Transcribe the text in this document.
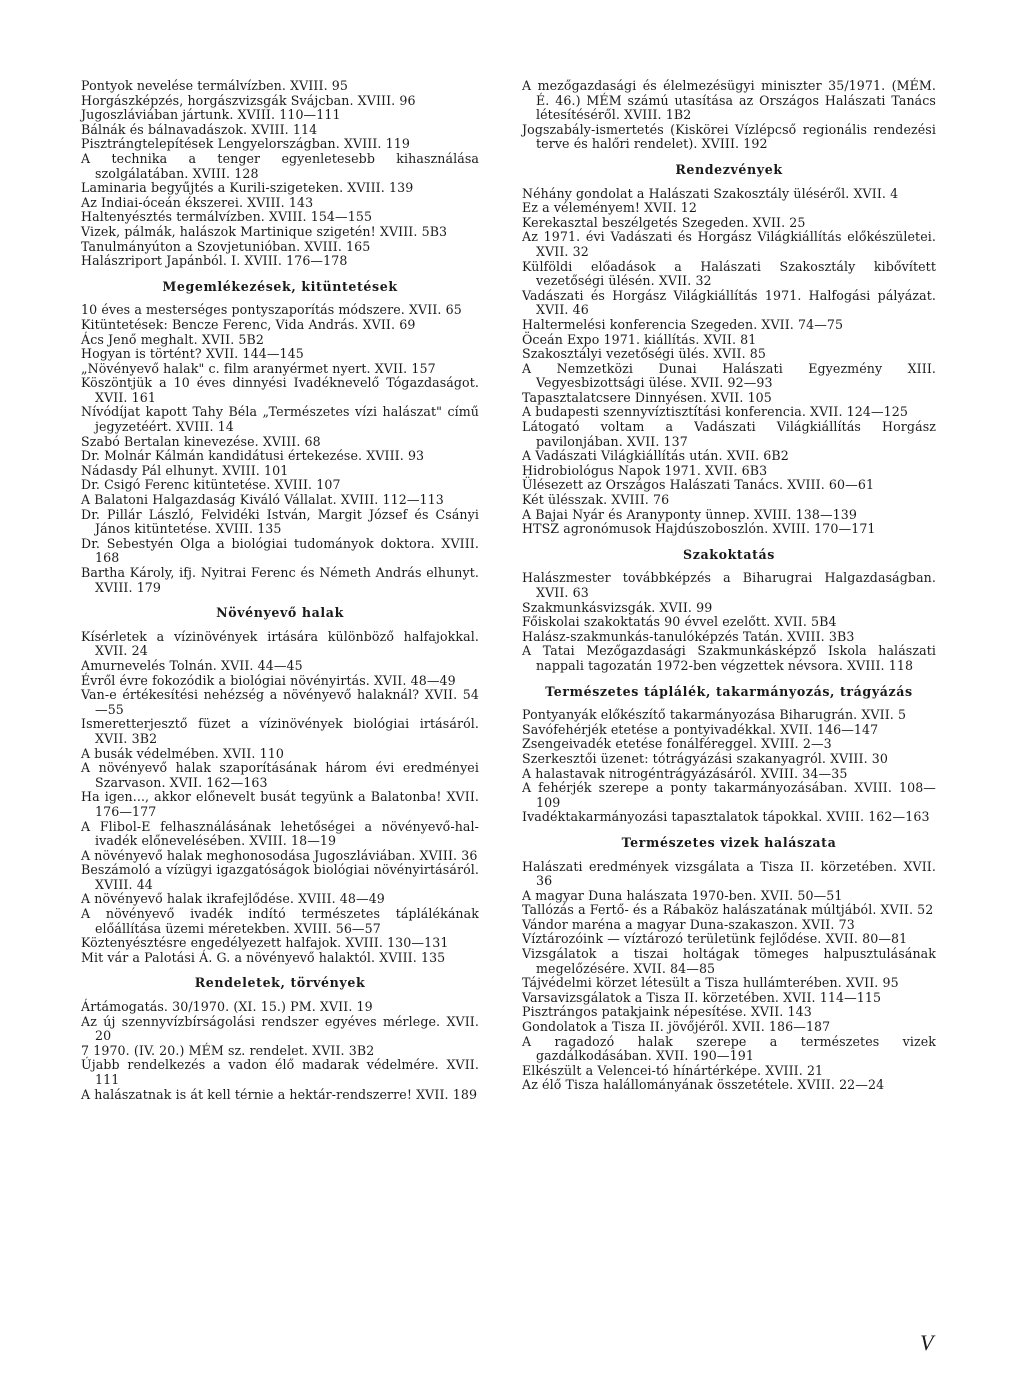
Pontyok nevelése termálvízben. XVIII. 95

Horgászképzés, horgászvizsgák Svájcban. XVIII. 96

Jugoszláviában jártunk. XVIII. 110—111

Bálnák és bálnavadászok. XVIII. 114

Pisztrángtelepítések Lengyelországban. XVIII. 119

A technika a tenger egyenletesebb kihasználása szolgálatában. XVIII. 128

Laminaria begyűjtés a Kurili-szigeteken. XVIII. 139

Az Indiai-óceán ékszerei. XVIII. 143

Haltenyésztés termálvízben. XVIII. 154—155

Vizek, pálmák, halászok Martinique szigetén! XVIII. 5B3

Tanulmányúton a Szovjetunióban. XVIII. 165

Halászriport Japánból. I. XVIII. 176—178

Megemlékezések, kitüntetések

10 éves a mesterséges pontyszaporítás módszere. XVII. 65

Kitüntetések: Bencze Ferenc, Vida András. XVII. 69

Ács Jenő meghalt. XVII. 5B2

Hogyan is történt? XVII. 144—145

„Növényevő halak" c. film aranyérmet nyert. XVII. 157

Köszöntjük a 10 éves dinnyési Ivadéknevelő Tógazdaságot. XVII. 161

Nívódíjat kapott Tahy Béla „Természetes vízi halászat" című jegyzetéért. XVIII. 14

Szabó Bertalan kinevezése. XVIII. 68

Dr. Molnár Kálmán kandidátusi értekezése. XVIII. 93

Nádasdy Pál elhunyt. XVIII. 101

Dr. Csigó Ferenc kitüntetése. XVIII. 107

A Balatoni Halgazdaság Kiváló Vállalat. XVIII. 112—113

Dr. Pillár László, Felvidéki István, Margit József és Csányi János kitüntetése. XVIII. 135

Dr. Sebestyén Olga a biológiai tudományok doktora. XVIII. 168

Bartha Károly, ifj. Nyitrai Ferenc és Németh András elhunyt. XVIII. 179

Növényevő halak

Kísérletek a vízinövények irtására különböző halfajokkal. XVII. 24

Amurnevelés Tolnán. XVII. 44—45

Évről évre fokozódik a biológiai növényirtás. XVII. 48—49

Van-e értékesítési nehézség a növényevő halaknál? XVII. 54—55

Ismeretterjesztő füzet a vízinövények biológiai irtásáról. XVII. 3B2

A busák védelmében. XVII. 110

A növényevő halak szaporításának három évi eredményei Szarvason. XVII. 162—163

Ha igen..., akkor előnevelt busát tegyünk a Balatonba! XVII. 176—177

A Flibol-E felhasználásának lehetőségei a növényevő-hal-ivadék előnevelésében. XVIII. 18—19

A növényevő halak meghonosodása Jugoszláviában. XVIII. 36

Beszámoló a vízügyi igazgatóságok biológiai növényirtásáról. XVIII. 44

A növényevő halak ikrafejlődése. XVIII. 48—49

A növényevő ivadék indító természetes táplálékának előállítása üzemi méretekben. XVIII. 56—57

Köztenyésztésre engedélyezett halfajok. XVIII. 130—131

Mit vár a Palotási Á. G. a növényevő halaktól. XVIII. 135

Rendeletek, törvények

Ártámogatás. 30/1970. (XI. 15.) PM. XVII. 19

Az új szennyvízbírságolási rendszer egyéves mérlege. XVII. 20

7 1970. (IV. 20.) MÉM sz. rendelet. XVII. 3B2

Újabb rendelkezés a vadon élő madarak védelmére. XVII. 111

A halászatnak is át kell térnie a hektár-rendszerre! XVII. 189

A mezőgazdasági és élelmezésügyi miniszter 35/1971. (MÉM. É. 46.) MÉM számú utasítása az Országos Halászati Tanács létesítéséről. XVIII. 1B2

Jogszabály-ismertetés (Kiskörei Vízlépcső regionális rendezési terve és halőri rendelet). XVIII. 192

Rendezvények

Néhány gondolat a Halászati Szakosztály üléséről. XVII. 4

Ez a véleményem! XVII. 12

Kerekasztal beszélgetés Szegeden. XVII. 25

Az 1971. évi Vadászati és Horgász Világkiállítás előkészületei. XVII. 32

Külföldi előadások a Halászati Szakosztály kibővített vezetőségi ülésén. XVII. 32

Vadászati és Horgász Világkiállítás 1971. Halfogási pályázat. XVII. 46

Haltermelési konferencia Szegeden. XVII. 74—75

Öceán Expo 1971. kiállítás. XVII. 81

Szakosztályi vezetőségi ülés. XVII. 85

A Nemzetközi Dunai Halászati Egyezmény XIII. Vegyesbizottsági ülése. XVII. 92—93

Tapasztalatcsere Dinnyésen. XVII. 105

A budapesti szennyvíztisztítási konferencia. XVII. 124—125

Látogató voltam a Vadászati Világkiállítás Horgász pavilonjában. XVII. 137

A Vadászati Világkiállítás után. XVII. 6B2

Hidrobiológus Napok 1971. XVII. 6B3

Ülésezett az Országos Halászati Tanács. XVIII. 60—61

Két ülésszak. XVIII. 76

A Bajai Nyár és Aranyponty ünnep. XVIII. 138—139

HTSZ agronómusok Hajdúszoboszlón. XVIII. 170—171

Szakoktatás

Halászmester továbbképzés a Biharugrai Halgazdaságban. XVII. 63

Szakmunkásvizsgák. XVII. 99

Főiskolai szakoktatás 90 évvel ezelőtt. XVII. 5B4

Halász-szakmunkás-tanulóképzés Tatán. XVIII. 3B3

A Tatai Mezőgazdasági Szakmunkásképző Iskola halászati nappali tagozatán 1972-ben végzettek névsora. XVIII. 118

Természetes táplálék, takarmányozás, trágyázás

Pontyanyák előkészítő takarmányozása Biharugrán. XVII. 5

Savófehérjék etetése a pontyivadékkal. XVII. 146—147

Zsengeivadék etetése fonálféreggel. XVIII. 2—3

Szerkesztői üzenet: tótrágyázási szakanyagról. XVIII. 30

A halastavak nitrogéntrágyázásáról. XVIII. 34—35

A fehérjék szerepe a ponty takarmányozásában. XVIII. 108—109

Ivadéktakarmányozási tapasztalatok tápokkal. XVIII. 162—163

Természetes vizek halászata

Halászati eredmények vizsgálata a Tisza II. körzetében. XVII. 36

A magyar Duna halászata 1970-ben. XVII. 50—51

Tallózás a Fertő- és a Rábaköz halászatának múltjából. XVII. 52

Vándor maréna a magyar Duna-szakaszon. XVII. 73

Víztározóink — víztározó területünk fejlődése. XVII. 80—81

Vizsgálatok a tiszai holtágak tömeges halpusztulásának megelőzésére. XVII. 84—85

Tájvédelmi körzet létesült a Tisza hullámterében. XVII. 95

Varsavizsgálatok a Tisza II. körzetében. XVII. 114—115

Pisztrángos patakjaink népesítése. XVII. 143

Gondolatok a Tisza II. jövőjéről. XVII. 186—187

A ragadozó halak szerepe a természetes vizek gazdálkodásában. XVII. 190—191

Elkészült a Velencei-tó hínártérképe. XVIII. 21

Az élő Tisza halállományának összetétele. XVIII. 22—24

V
